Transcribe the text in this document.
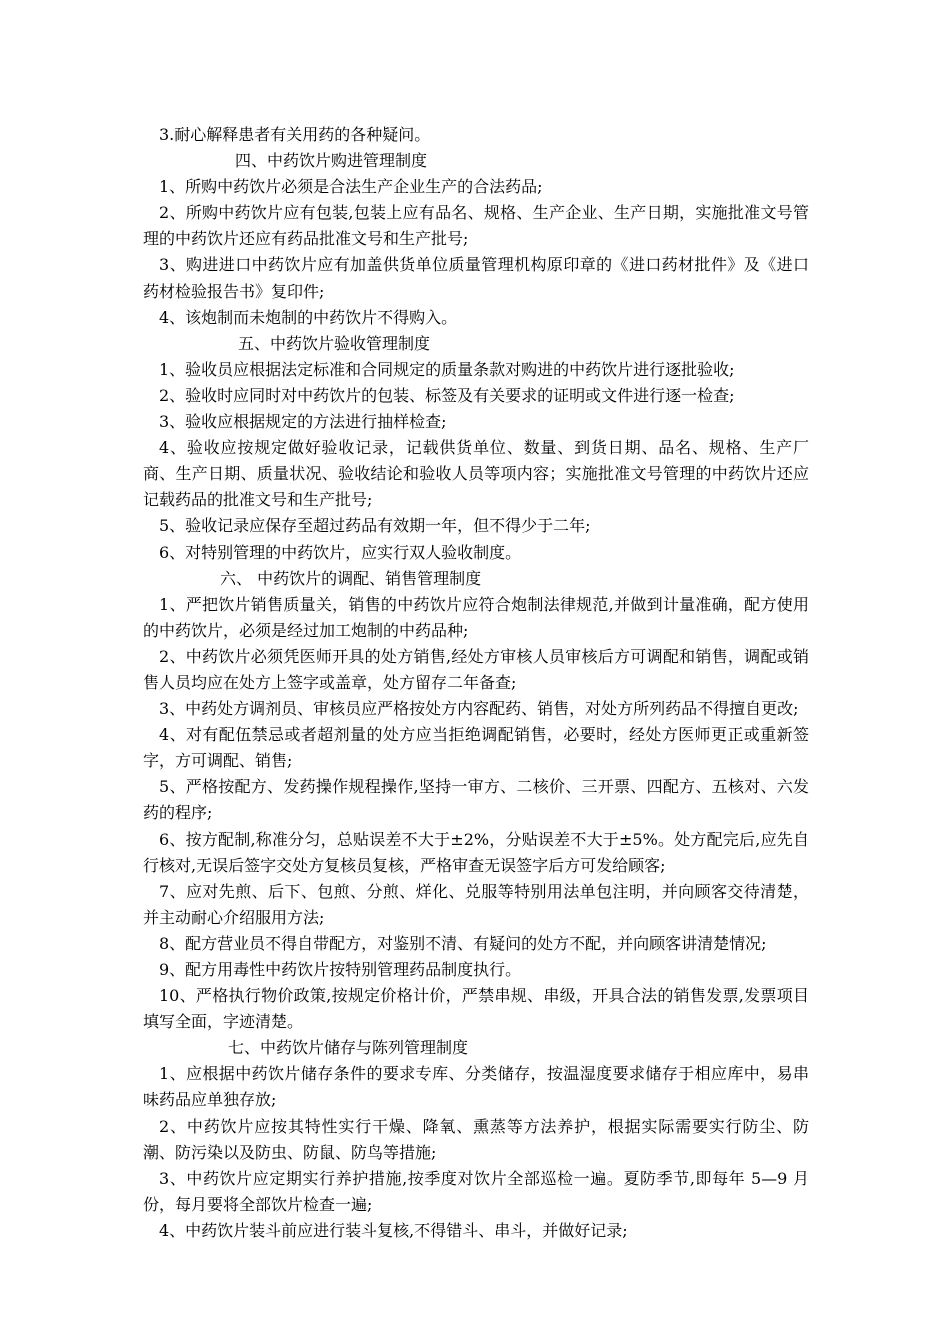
3.耐心解释患者有关用药的各种疑问。

四、中药饮片购进管理制度

1、所购中药饮片必须是合法生产企业生产的合法药品;

2、所购中药饮片应有包装,包装上应有品名、规格、生产企业、生产日期，实施批准文号管理的中药饮片还应有药品批准文号和生产批号;

3、购进进口中药饮片应有加盖供货单位质量管理机构原印章的《进口药材批件》及《进口药材检验报告书》复印件;

4、该炮制而未炮制的中药饮片不得购入。

五、中药饮片验收管理制度

1、验收员应根据法定标准和合同规定的质量条款对购进的中药饮片进行逐批验收;

2、验收时应同时对中药饮片的包装、标签及有关要求的证明或文件进行逐一检查;

3、验收应根据规定的方法进行抽样检查;

4、验收应按规定做好验收记录，记载供货单位、数量、到货日期、品名、规格、生产厂商、生产日期、质量状况、验收结论和验收人员等项内容；实施批准文号管理的中药饮片还应记载药品的批准文号和生产批号;

5、验收记录应保存至超过药品有效期一年，但不得少于二年;

6、对特别管理的中药饮片，应实行双人验收制度。

六、 中药饮片的调配、销售管理制度

1、严把饮片销售质量关，销售的中药饮片应符合炮制法律规范,并做到计量准确，配方使用的中药饮片，必须是经过加工炮制的中药品种;

2、中药饮片必须凭医师开具的处方销售,经处方审核人员审核后方可调配和销售，调配或销售人员均应在处方上签字或盖章，处方留存二年备查;

3、中药处方调剂员、审核员应严格按处方内容配药、销售，对处方所列药品不得擅自更改;

4、对有配伍禁忌或者超剂量的处方应当拒绝调配销售，必要时，经处方医师更正或重新签字，方可调配、销售;

5、严格按配方、发药操作规程操作,坚持一审方、二核价、三开票、四配方、五核对、六发药的程序;

6、按方配制,称准分匀，总贴误差不大于±2%，分贴误差不大于±5%。处方配完后,应先自行核对,无误后签字交处方复核员复核，严格审查无误签字后方可发给顾客;

7、应对先煎、后下、包煎、分煎、烊化、兑服等特别用法单包注明，并向顾客交待清楚，并主动耐心介绍服用方法;

8、配方营业员不得自带配方，对鉴别不清、有疑问的处方不配，并向顾客讲清楚情况;

9、配方用毒性中药饮片按特别管理药品制度执行。

10、严格执行物价政策,按规定价格计价，严禁串规、串级，开具合法的销售发票,发票项目填写全面，字迹清楚。

七、中药饮片储存与陈列管理制度

1、应根据中药饮片储存条件的要求专库、分类储存，按温湿度要求储存于相应库中，易串味药品应单独存放;

2、中药饮片应按其特性实行干燥、降氧、熏蒸等方法养护，根据实际需要实行防尘、防潮、防污染以及防虫、防鼠、防鸟等措施;

3、中药饮片应定期实行养护措施,按季度对饮片全部巡检一遍。夏防季节,即每年 5—9 月份，每月要将全部饮片检查一遍;

4、中药饮片装斗前应进行装斗复核,不得错斗、串斗，并做好记录;
